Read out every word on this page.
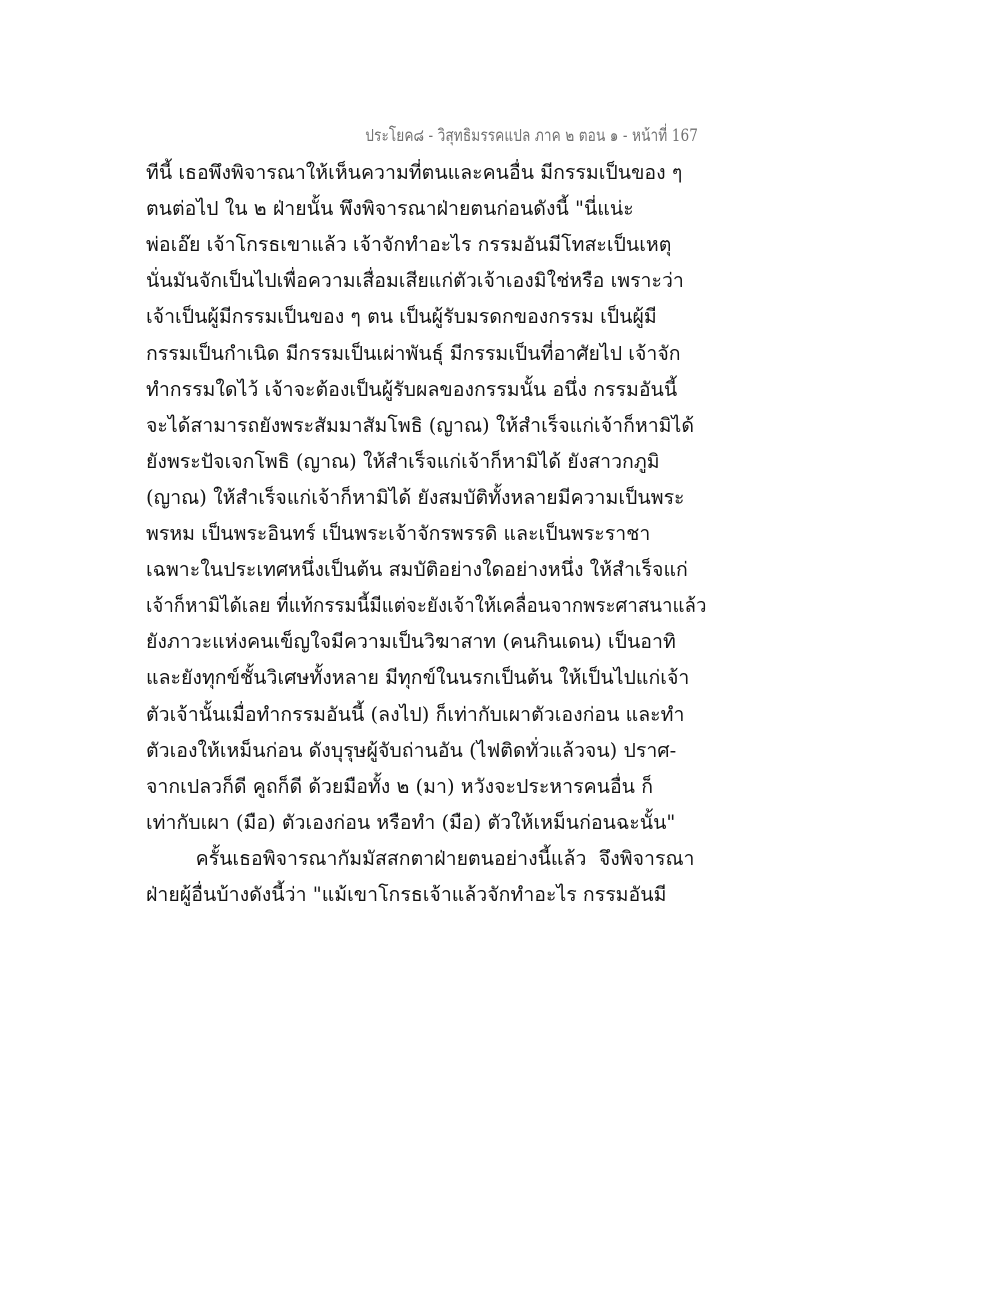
ประโยค๘ - วิสุทธิมรรคแปล ภาค ๒ ตอน ๑ - หน้าที่ 167
ทีนี้ เธอพึงพิจารณาให้เห็นความที่ตนและคนอื่น มีกรรมเป็นของ ๆ
ตนต่อไป ใน ๒ ฝ่ายนั้น พึงพิจารณาฝ่ายตนก่อนดังนี้ "นี่แน่ะ
พ่อเอ๊ย เจ้าโกรธเขาแล้ว เจ้าจักทำอะไร กรรมอันมีโทสะเป็นเหตุ
นั่นมันจักเป็นไปเพื่อความเสื่อมเสียแก่ตัวเจ้าเองมิใช่หรือ เพราะว่า
เจ้าเป็นผู้มีกรรมเป็นของ ๆ ตน เป็นผู้รับมรดกของกรรม เป็นผู้มี
กรรมเป็นกำเนิด มีกรรมเป็นเผ่าพันธุ์ มีกรรมเป็นที่อาศัยไป เจ้าจัก
ทำกรรมใดไว้ เจ้าจะต้องเป็นผู้รับผลของกรรมนั้น อนึ่ง กรรมอันนี้
จะได้สามารถยังพระสัมมาสัมโพธิ (ญาณ) ให้สำเร็จแก่เจ้าก็หามิได้
ยังพระปัจเจกโพธิ (ญาณ) ให้สำเร็จแก่เจ้าก็หามิได้ ยังสาวกภูมิ
(ญาณ) ให้สำเร็จแก่เจ้าก็หามิได้ ยังสมบัติทั้งหลายมีความเป็นพระ
พรหม เป็นพระอินทร์ เป็นพระเจ้าจักรพรรดิ และเป็นพระราชา
เฉพาะในประเทศหนึ่งเป็นต้น สมบัติอย่างใดอย่างหนึ่ง ให้สำเร็จแก่
เจ้าก็หามิได้เลย ที่แท้กรรมนี้มีแต่จะยังเจ้าให้เคลื่อนจากพระศาสนาแล้ว
ยังภาวะแห่งคนเข็ญใจมีความเป็นวิฆาสาท (คนกินเดน) เป็นอาทิ
และยังทุกข์ชั้นวิเศษทั้งหลาย มีทุกข์ในนรกเป็นต้น ให้เป็นไปแก่เจ้า
ตัวเจ้านั้นเมื่อทำกรรมอันนี้ (ลงไป) ก็เท่ากับเผาตัวเองก่อน และทำ
ตัวเองให้เหม็นก่อน ดังบุรุษผู้จับถ่านอัน (ไฟติดทั่วแล้วจน) ปราศ-
จากเปลวก็ดี คูถก็ดี ด้วยมือทั้ง ๒ (มา) หวังจะประหารคนอื่น ก็
เท่ากับเผา (มือ) ตัวเองก่อน หรือทำ (มือ) ตัวให้เหม็นก่อนฉะนั้น"
ครั้นเธอพิจารณากัมมัสสกตาฝ่ายตนอย่างนี้แล้ว  จึงพิจารณา
ฝ่ายผู้อื่นบ้างดังนี้ว่า "แม้เขาโกรธเจ้าแล้วจักทำอะไร กรรมอันมี
